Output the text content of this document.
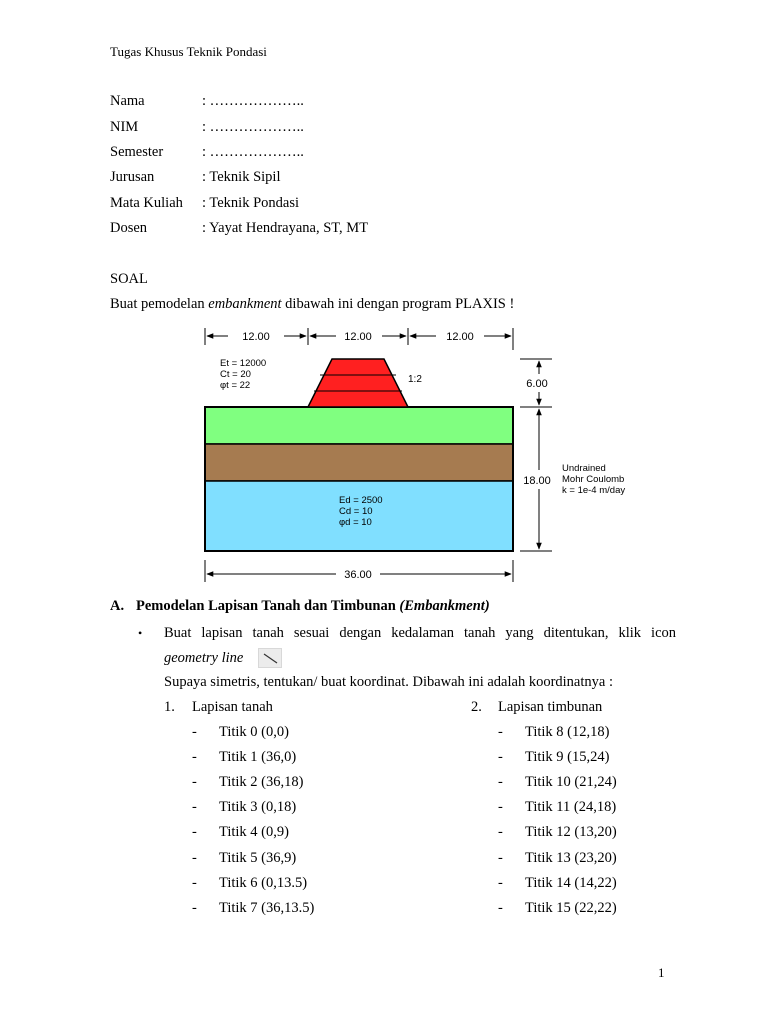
Tugas Khusus Teknik Pondasi
Nama	: ………………..
NIM	: ………………..
Semester	: ………………..
Jurusan	: Teknik Sipil
Mata Kuliah : Teknik Pondasi
Dosen	: Yayat Hendrayana, ST, MT
SOAL
Buat pemodelan embankment dibawah ini dengan program PLAXIS !
12.00	12.00	12.00
6.00
18.00
36.00
1:2
Et = 12000
Ct = 20
φt = 22
Ed = 2500
Cd = 10
φd = 10
Undrained
Mohr Coulomb
k = 1e-4 m/day
A. Pemodelan Lapisan Tanah dan Timbunan (Embankment)
• Buat lapisan tanah sesuai dengan kedalaman tanah yang ditentukan, klik icon
geometry line
Supaya simetris, tentukan/ buat koordinat. Dibawah ini adalah koordinatnya :
1. Lapisan tanah
- Titik 0 (0,0)
- Titik 1 (36,0)
- Titik 2 (36,18)
- Titik 3 (0,18)
- Titik 4 (0,9)
- Titik 5 (36,9)
- Titik 6 (0,13.5)
- Titik 7 (36,13.5)
2. Lapisan timbunan
- Titik 8 (12,18)
- Titik 9 (15,24)
- Titik 10 (21,24)
- Titik 11 (24,18)
- Titik 12 (13,20)
- Titik 13 (23,20)
- Titik 14 (14,22)
- Titik 15 (22,22)
1
